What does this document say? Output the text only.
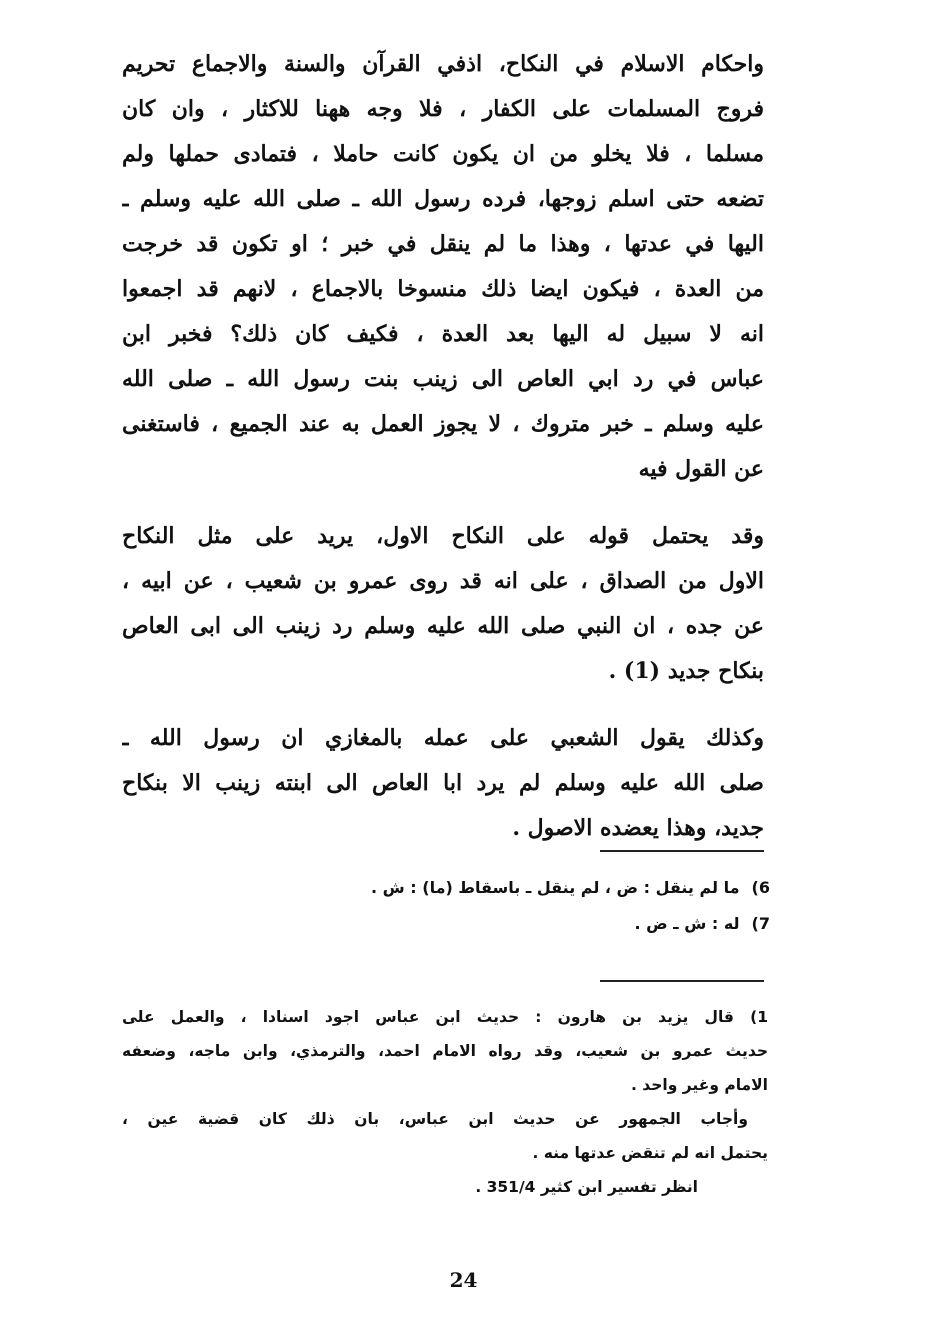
واحكام الاسلام في النكاح، اذفي القرآن والسنة والاجماع تحريم
فروج المسلمات على الكفار ، فلا وجه ههنا للاكثار ، وان كان
مسلما ، فلا يخلو من ان يكون كانت حاملا ، فتمادى حملها ولم
تضعه حتى اسلم زوجها، فرده رسول الله ـ صلى الله عليه وسلم ـ
اليها في عدتها ، وهذا ما لم ينقل في خبر ؛ او تكون قد خرجت
من العدة ، فيكون ايضا ذلك منسوخا بالاجماع ، لانهم قد اجمعوا
انه لا سبيل له اليها بعد العدة ، فكيف كان ذلك؟ فخبر ابن
عباس في رد ابي العاص الى زينب بنت رسول الله ـ صلى الله
عليه وسلم ـ خبر متروك ، لا يجوز العمل به عند الجميع ، فاستغنى
عن القول فيه
وقد يحتمل قوله على النكاح الاول، يريد على مثل النكاح
الاول من الصداق ، على انه قد روى عمرو بن شعيب ، عن ابيه ،
عن جده ، ان النبي صلى الله عليه وسلم رد زينب الى ابى العاص
بنكاح جديد (1) .
وكذلك يقول الشعبي على عمله بالمغازي ان رسول الله ـ
صلى الله عليه وسلم لم يرد ابا العاص الى ابنته زينب الا بنكاح
جديد، وهذا يعضده الاصول .
6)ما لم ينقل : ض ، لم ينقل ـ باسقاط (ما) : ش .
7)له : ش ـ ض .
1) قال يزيد بن هارون : حديث ابن عباس اجود اسنادا ، والعمل على
حديث عمرو بن شعيب، وقد رواه الامام احمد، والترمذي، وابن ماجه، وضعفه
الامام وغير واحد .
وأجاب الجمهور عن حديث ابن عباس، بان ذلك كان قضية عين ،
يحتمل انه لم تنقض عدتها منه .
انظر تفسير ابن كثير 351/4 .
24
